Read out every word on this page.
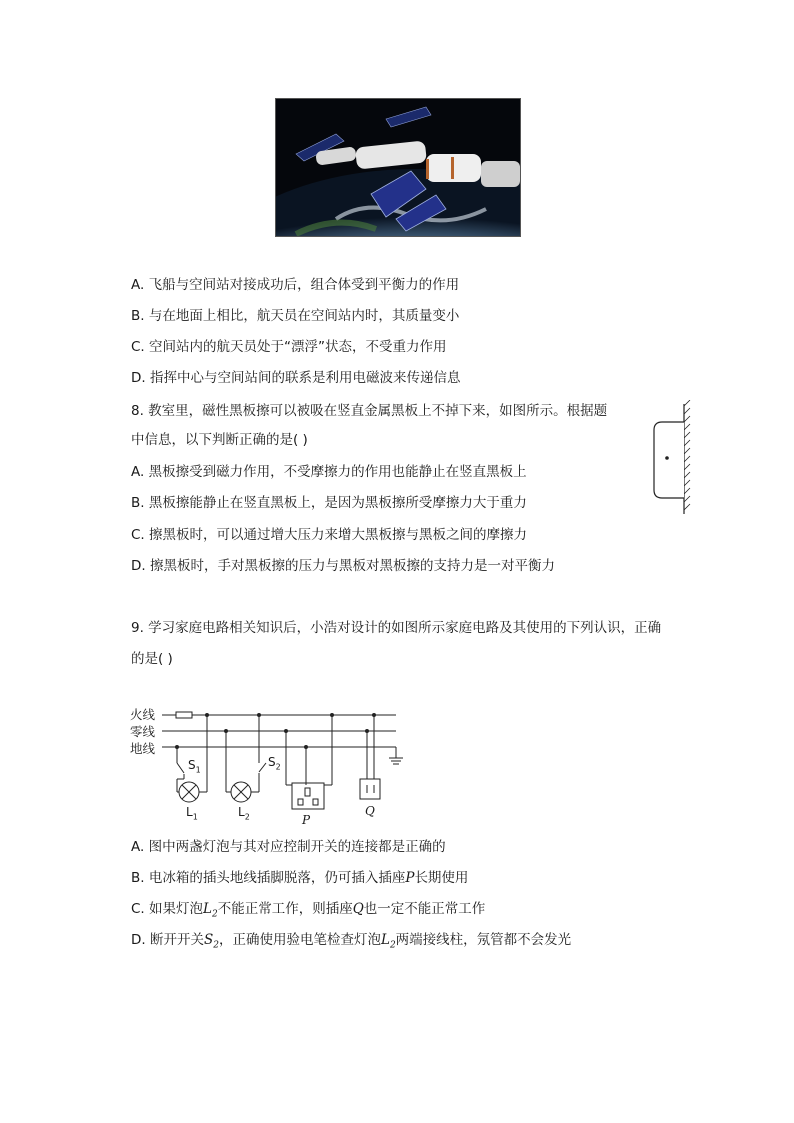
A. 飞船与空间站对接成功后，组合体受到平衡力的作用
B. 与在地面上相比，航天员在空间站内时，其质量变小
C. 空间站内的航天员处于“漂浮”状态，不受重力作用
D. 指挥中心与空间站间的联系是利用电磁波来传递信息
8. 教室里，磁性黑板擦可以被吸在竖直金属黑板上不掉下来，如图所示。根据题
中信息，以下判断正确的是( )
A. 黑板擦受到磁力作用，不受摩擦力的作用也能静止在竖直黑板上
B. 黑板擦能静止在竖直黑板上，是因为黑板擦所受摩擦力大于重力
C. 擦黑板时，可以通过增大压力来增大黑板擦与黑板之间的摩擦力
D. 擦黑板时，手对黑板擦的压力与黑板对黑板擦的支持力是一对平衡力
9. 学习家庭电路相关知识后，小浩对设计的如图所示家庭电路及其使用的下列认识，正确
的是( )
火线
零线
地线
$S_1$
$S_2$
$L_1$	$L_2$	P
Q
A. 图中两盏灯泡与其对应控制开关的连接都是正确的
B. 电冰箱的插头地线插脚脱落，仍可插入插座P长期使用
C. 如果灯泡$L_2$不能正常工作，则插座Q也一定不能正常工作
D. 断开开关$S_2$，正确使用验电笔检查灯泡$L_2$两端接线柱，氖管都不会发光
